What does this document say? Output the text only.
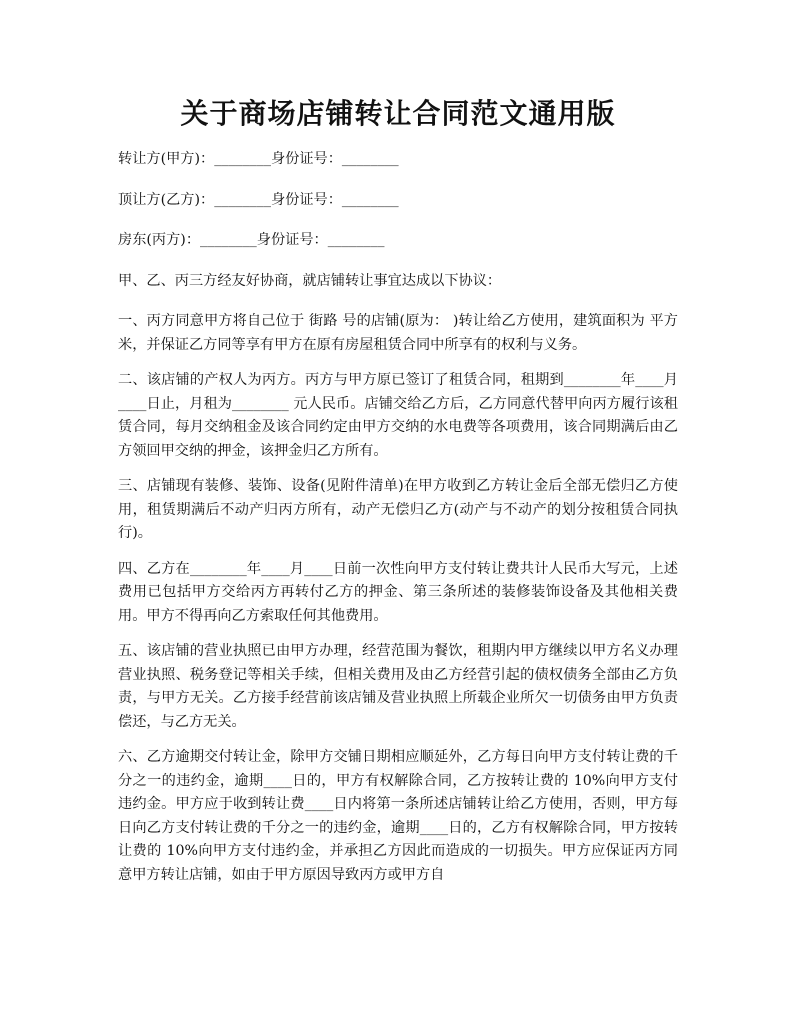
关于商场店铺转让合同范文通用版

转让方(甲方)：________身份证号：________

顶让方(乙方)：________身份证号：________

房东(丙方)：________身份证号：________

甲、乙、丙三方经友好协商，就店铺转让事宜达成以下协议：

一、丙方同意甲方将自己位于 街路 号的店铺(原为： )转让给乙方使用，建筑面积为 平方米，并保证乙方同等享有甲方在原有房屋租赁合同中所享有的权利与义务。

二、该店铺的产权人为丙方。丙方与甲方原已签订了租赁合同，租期到________年____月____日止，月租为________ 元人民币。店铺交给乙方后，乙方同意代替甲向丙方履行该租赁合同，每月交纳租金及该合同约定由甲方交纳的水电费等各项费用，该合同期满后由乙方领回甲交纳的押金，该押金归乙方所有。

三、店铺现有装修、装饰、设备(见附件清单)在甲方收到乙方转让金后全部无偿归乙方使用，租赁期满后不动产归丙方所有，动产无偿归乙方(动产与不动产的划分按租赁合同执行)。

四、乙方在________年____月____日前一次性向甲方支付转让费共计人民币大写元，上述费用已包括甲方交给丙方再转付乙方的押金、第三条所述的装修装饰设备及其他相关费用。甲方不得再向乙方索取任何其他费用。

五、该店铺的营业执照已由甲方办理，经营范围为餐饮，租期内甲方继续以甲方名义办理营业执照、税务登记等相关手续，但相关费用及由乙方经营引起的债权债务全部由乙方负责，与甲方无关。乙方接手经营前该店铺及营业执照上所载企业所欠一切债务由甲方负责偿还，与乙方无关。

六、乙方逾期交付转让金，除甲方交铺日期相应顺延外，乙方每日向甲方支付转让费的千分之一的违约金，逾期____日的，甲方有权解除合同，乙方按转让费的 10%向甲方支付违约金。甲方应于收到转让费____日内将第一条所述店铺转让给乙方使用，否则，甲方每日向乙方支付转让费的千分之一的违约金，逾期____日的，乙方有权解除合同，甲方按转让费的 10%向甲方支付违约金，并承担乙方因此而造成的一切损失。甲方应保证丙方同意甲方转让店铺，如由于甲方原因导致丙方或甲方自
